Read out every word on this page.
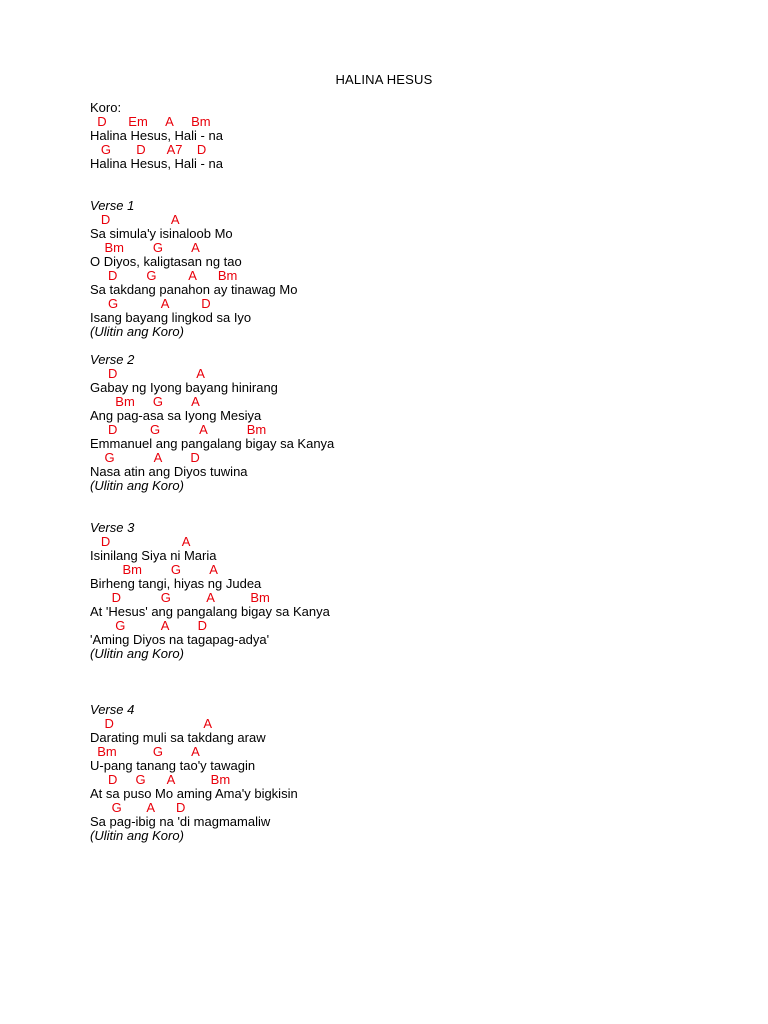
HALINA HESUS
Koro:
D      Em     A     Bm
Halina Hesus, Hali - na
G       D      A7    D
Halina Hesus, Hali - na
Verse 1
D                 A
Sa simula'y isinaloob Mo
Bm        G        A
O Diyos, kaligtasan ng tao
D        G         A      Bm
Sa takdang panahon ay tinawag Mo
G            A         D
Isang bayang lingkod sa Iyo
(Ulitin ang Koro)
Verse 2
D                      A
Gabay ng Iyong bayang hinirang
Bm     G        A
Ang pag-asa sa Iyong Mesiya
D         G           A           Bm
Emmanuel ang pangalang bigay sa Kanya
G           A        D
Nasa atin ang Diyos tuwina
(Ulitin ang Koro)
Verse 3
D                    A
Isinilang Siya ni Maria
Bm        G        A
Birheng tangi, hiyas ng Judea
D           G          A          Bm
At 'Hesus' ang pangalang bigay sa Kanya
G          A        D
'Aming Diyos na tagapag-adya'
(Ulitin ang Koro)
Verse 4
D                         A
Darating muli sa takdang araw
Bm          G        A
U-pang tanang tao'y tawagin
D     G      A          Bm
At sa puso Mo aming Ama'y bigkisin
G       A      D
Sa pag-ibig na 'di magmamaliw
(Ulitin ang Koro)
